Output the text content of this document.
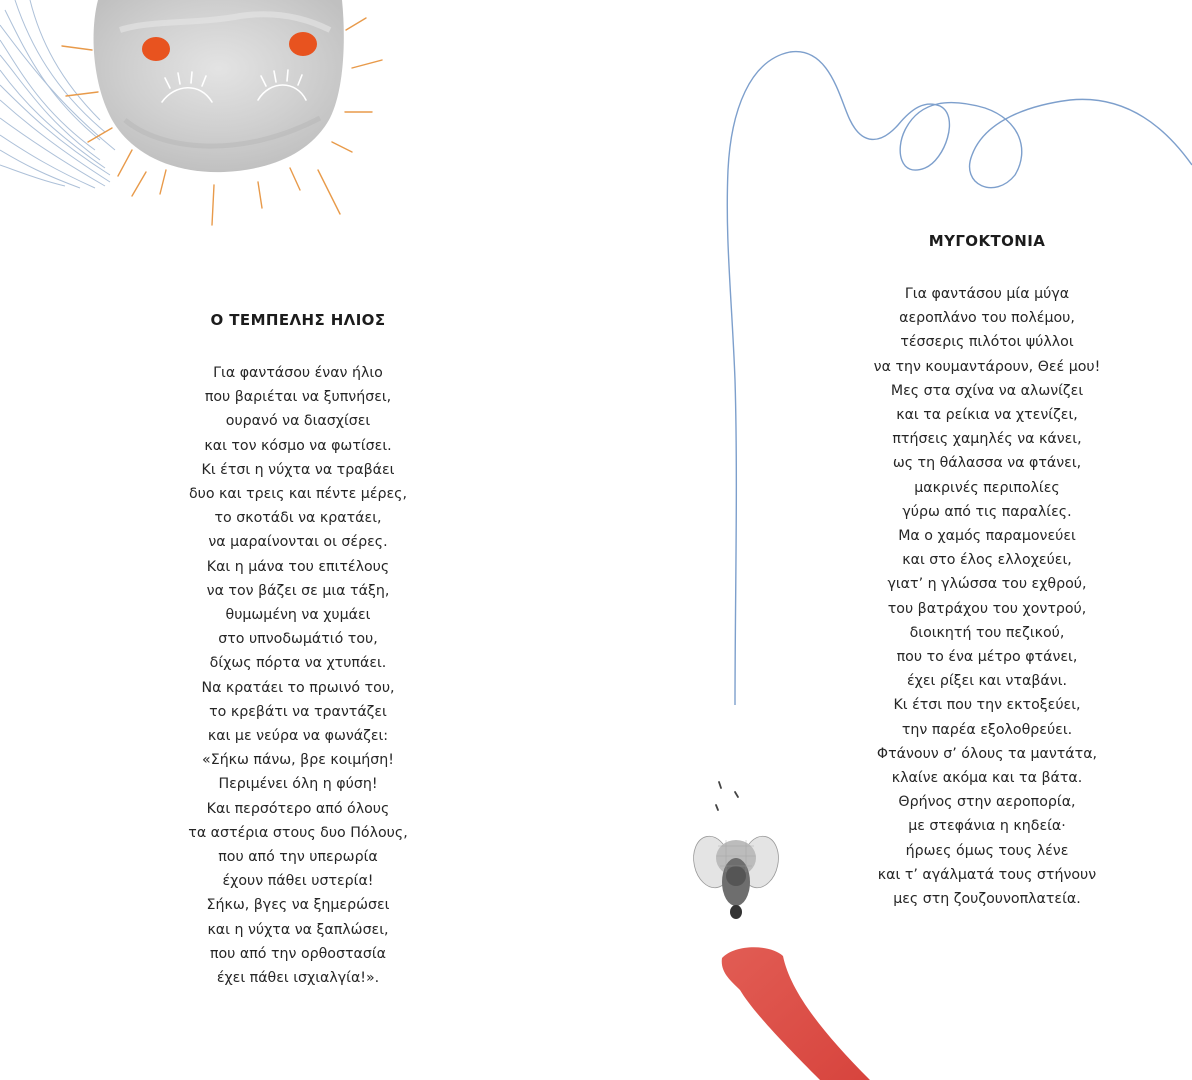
Ο ΤΕΜΠΕΛΗΣ ΗΛΙΟΣ
Για φαντάσου έναν ήλιο
που βαριέται να ξυπνήσει,
ουρανό να διασχίσει
και τον κόσμο να φωτίσει.
Κι έτσι η νύχτα να τραβάει
δυο και τρεις και πέντε μέρες,
το σκοτάδι να κρατάει,
να μαραίνονται οι σέρες.
Και η μάνα του επιτέλους
να τον βάζει σε μια τάξη,
θυμωμένη να χυμάει
στο υπνοδωμάτιό του,
δίχως πόρτα να χτυπάει.
Να κρατάει το πρωινό του,
το κρεβάτι να τραντάζει
και με νεύρα να φωνάζει:
«Σήκω πάνω, βρε κοιμήση!
Περιμένει όλη η φύση!
Και περσότερο από όλους
τα αστέρια στους δυο Πόλους,
που από την υπερωρία
έχουν πάθει υστερία!
Σήκω, βγες να ξημερώσει
και η νύχτα να ξαπλώσει,
που από την ορθοστασία
έχει πάθει ισχιαλγία!».
ΜΥΓΟΚΤΟΝΙΑ
Για φαντάσου μία μύγα
αεροπλάνο του πολέμου,
τέσσερις πιλότοι ψύλλοι
να την κουμαντάρουν, Θεέ μου!
Μες στα σχίνα να αλωνίζει
και τα ρείκια να χτενίζει,
πτήσεις χαμηλές να κάνει,
ως τη θάλασσα να φτάνει,
μακρινές περιπολίες
γύρω από τις παραλίες.
Μα ο χαμός παραμονεύει
και στο έλος ελλοχεύει,
γιατ’ η γλώσσα του εχθρού,
του βατράχου του χοντρού,
διοικητή του πεζικού,
που το ένα μέτρο φτάνει,
έχει ρίξει και νταβάνι.
Κι έτσι που την εκτοξεύει,
την παρέα εξολοθρεύει.
Φτάνουν σ’ όλους τα μαντάτα,
κλαίνε ακόμα και τα βάτα.
Θρήνος στην αεροπορία,
με στεφάνια η κηδεία·
ήρωες όμως τους λένε
και τ’ αγάλματά τους στήνουν
μες στη ζουζουνοπλατεία.
